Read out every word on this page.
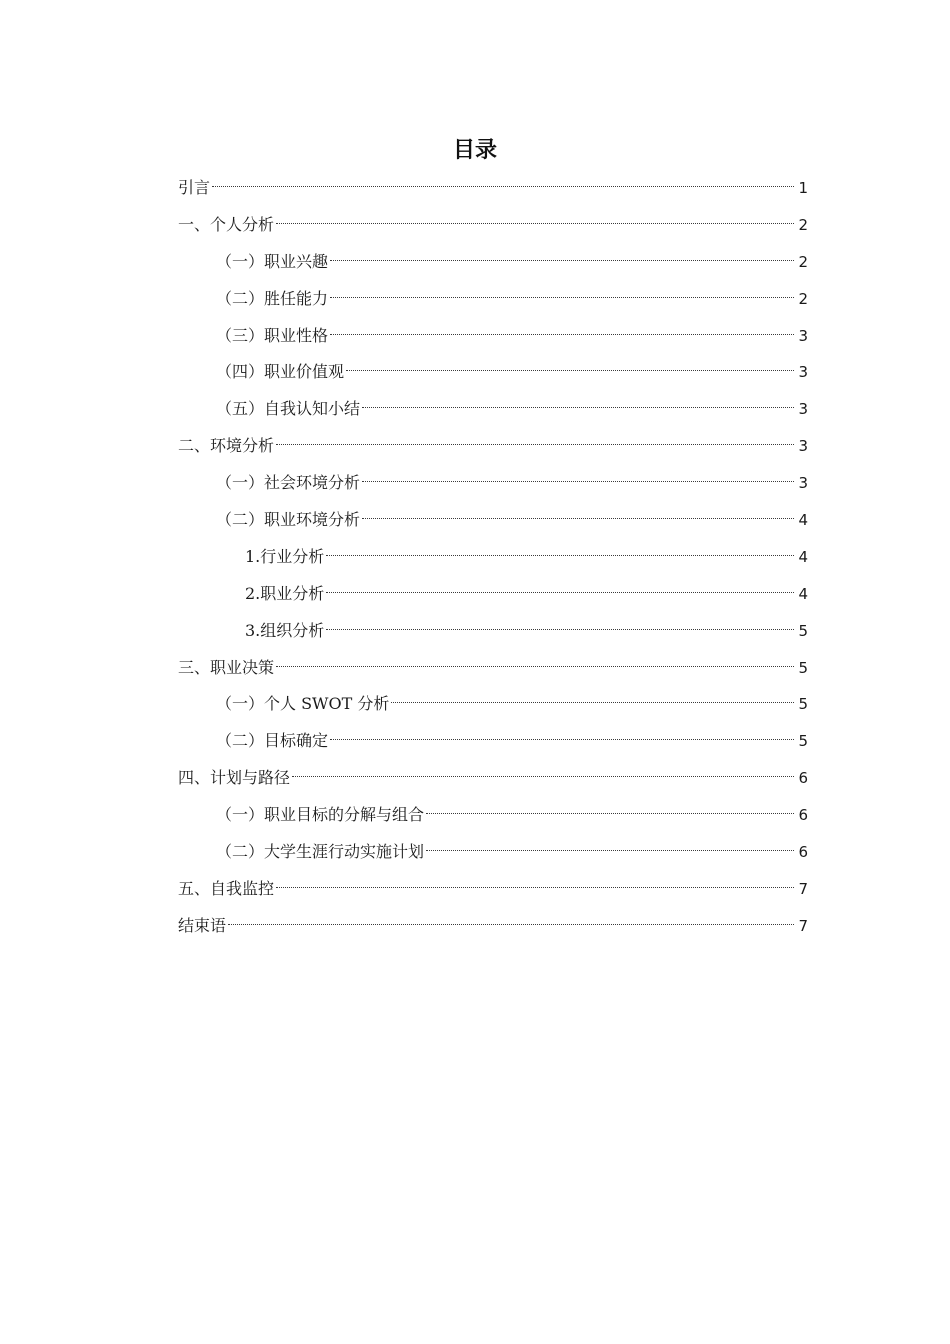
目录
引言	1
一、个人分析	2
（一）职业兴趣	2
（二）胜任能力	2
（三）职业性格	3
（四）职业价值观	3
（五）自我认知小结	3
二、环境分析	3
（一）社会环境分析	3
（二）职业环境分析	4
1.行业分析	4
2.职业分析	4
3.组织分析	5
三、职业决策	5
（一）个人 SWOT 分析	5
（二）目标确定	5
四、计划与路径	6
（一）职业目标的分解与组合	6
（二）大学生涯行动实施计划	6
五、自我监控	7
结束语	7
